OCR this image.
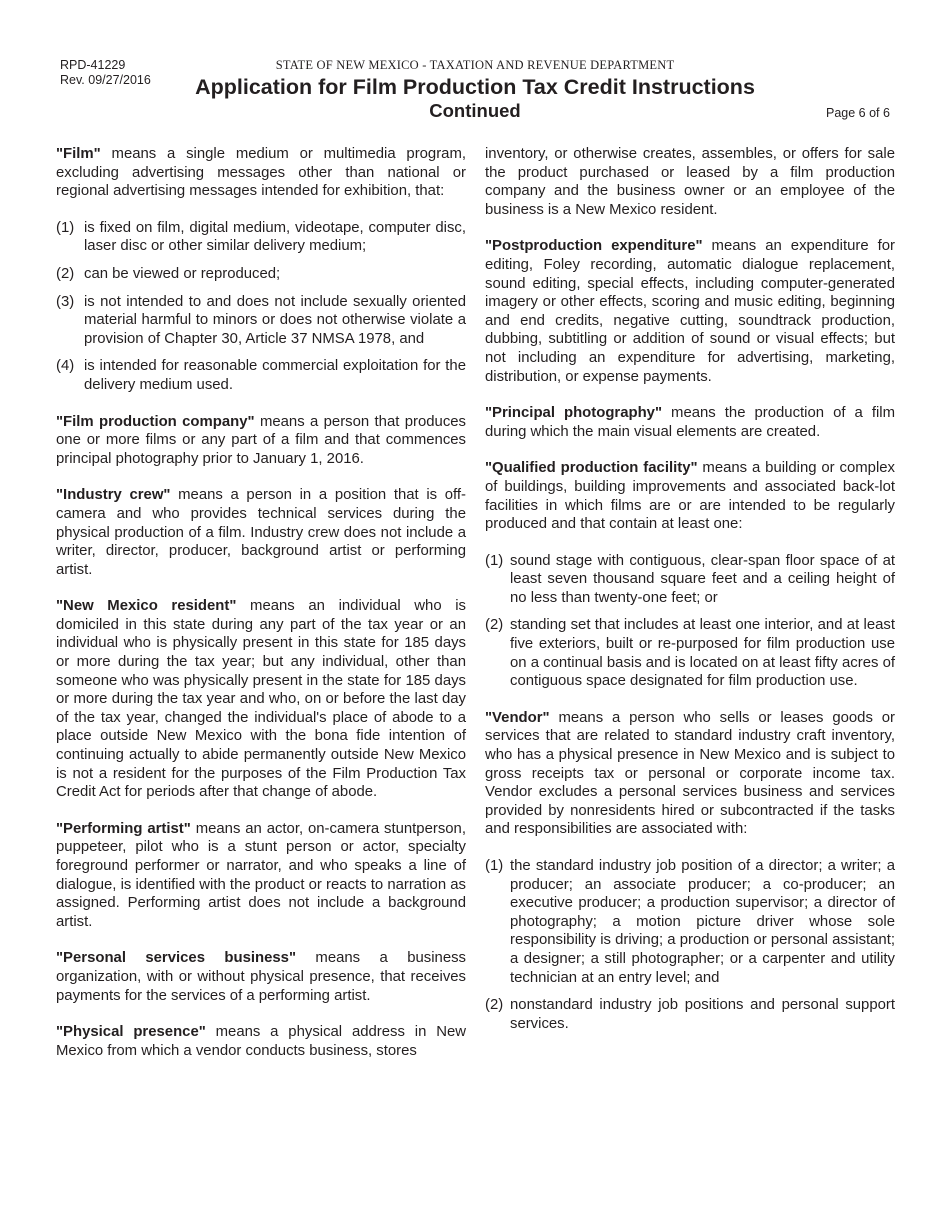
RPD-41229
Rev. 09/27/2016
STATE OF NEW MEXICO - TAXATION AND REVENUE DEPARTMENT
Application for Film Production Tax Credit Instructions
Continued	Page 6 of 6

"Film" means a single medium or multimedia program, excluding advertising messages other than national or regional advertising messages intended for exhibition, that:

(1) is fixed on film, digital medium, videotape, computer disc, laser disc or other similar delivery medium;
(2) can be viewed or reproduced;
(3) is not intended to and does not include sexually oriented material harmful to minors or does not otherwise violate a provision of Chapter 30, Article 37 NMSA 1978, and
(4) is intended for reasonable commercial exploitation for the delivery medium used.

"Film production company" means a person that produces one or more films or any part of a film and that commences principal photography prior to January 1, 2016.

"Industry crew" means a person in a position that is off-camera and who provides technical services during the physical production of a film. Industry crew does not include a writer, director, producer, background artist or performing artist.

"New Mexico resident" means an individual who is domiciled in this state during any part of the tax year or an individual who is physically present in this state for 185 days or more during the tax year; but any individual, other than someone who was physically present in the state for 185 days or more during the tax year and who, on or before the last day of the tax year, changed the individual's place of abode to a place outside New Mexico with the bona fide intention of continuing actually to abide permanently outside New Mexico is not a resident for the purposes of the Film Production Tax Credit Act for periods after that change of abode.

"Performing artist" means an actor, on-camera stuntperson, puppeteer, pilot who is a stunt person or actor, specialty foreground performer or narrator, and who speaks a line of dialogue, is identified with the product or reacts to narration as assigned. Performing artist does not include a background artist.

"Personal services business" means a business organization, with or without physical presence, that receives payments for the services of a performing artist.

"Physical presence" means a physical address in New Mexico from which a vendor conducts business, stores

inventory, or otherwise creates, assembles, or offers for sale the product purchased or leased by a film production company and the business owner or an employee of the business is a New Mexico resident.

"Postproduction expenditure" means an expenditure for editing, Foley recording, automatic dialogue replacement, sound editing, special effects, including computer-generated imagery or other effects, scoring and music editing, beginning and end credits, negative cutting, soundtrack production, dubbing, subtitling or addition of sound or visual effects; but not including an expenditure for advertising, marketing, distribution, or expense payments.

"Principal photography" means the production of a film during which the main visual elements are created.

"Qualified production facility" means a building or complex of buildings, building improvements and associated back-lot facilities in which films are or are intended to be regularly produced and that contain at least one:

(1) sound stage with contiguous, clear-span floor space of at least seven thousand square feet and a ceiling height of no less than twenty-one feet; or
(2) standing set that includes at least one interior, and at least five exteriors, built or re-purposed for film production use on a continual basis and is located on at least fifty acres of contiguous space designated for film production use.

"Vendor" means a person who sells or leases goods or services that are related to standard industry craft inventory, who has a physical presence in New Mexico and is subject to gross receipts tax or personal or corporate income tax. Vendor excludes a personal services business and services provided by nonresidents hired or subcontracted if the tasks and responsibilities are associated with:

(1) the standard industry job position of a director; a writer; a producer; an associate producer; a co-producer; an executive producer; a production supervisor; a director of photography; a motion picture driver whose sole responsibility is driving; a production or personal assistant; a designer; a still photographer; or a carpenter and utility technician at an entry level; and
(2) nonstandard industry job positions and personal support services.
